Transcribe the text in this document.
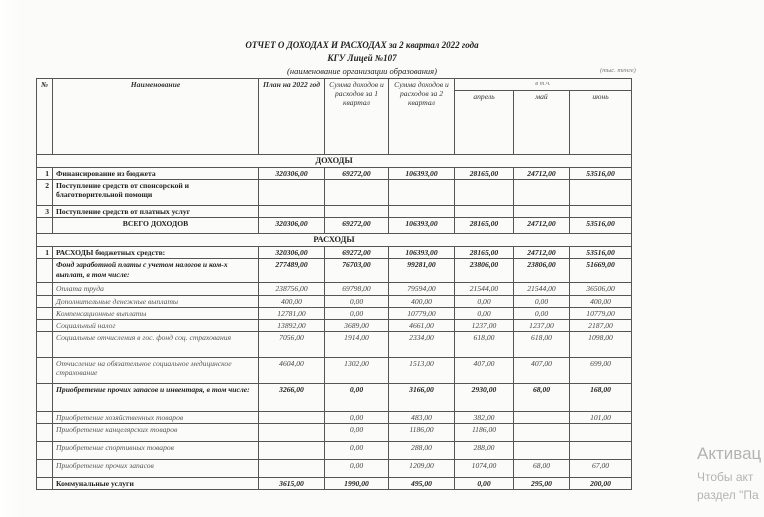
ОТЧЕТ О ДОХОДАХ И РАСХОДАХ за 2 квартал 2022 года
КГУ Лицей №107
(наименование организации образования)	(тыс. тенге)
№	Наименование	План на 2022 год	Сумма доходов и расходов за 1 квартал	Сумма доходов и расходов за 2 квартал	в т.ч.		
					апрель	май	июнь
ДОХОДЫ							
1	Финансирование из бюджета	320306,00	69272,00	106393,00	28165,00	24712,00	53516,00
2	Поступление средств от спонсорской и благотворительной помощи						
3	Поступление средств от платных услуг						
	ВСЕГО ДОХОДОВ	320306,00	69272,00	106393,00	28165,00	24712,00	53516,00
РАСХОДЫ							
1	РАСХОДЫ бюджетных средств:	320306,00	69272,00	106393,00	28165,00	24712,00	53516,00
	Фонд заработной платы с учетом налогов и ком-х выплат, в том числе:	277489,00	76703,00	99281,00	23806,00	23806,00	51669,00
	Оплата труда	238756,00	69798,00	79594,00	21544,00	21544,00	36506,00
	Дополнительные денежные выплаты	400,00	0,00	400,00	0,00	0,00	400,00
	Компенсационные выплаты	12781,00	0,00	10779,00	0,00	0,00	10779,00
	Социальный налог	13892,00	3689,00	4661,00	1237,00	1237,00	2187,00
	Социальные отчисления в гос. фонд соц. страхования	7056,00	1914,00	2334,00	618,00	618,00	1098,00
	Отчисление на обязательное социальное медицинское страхование	4604,00	1302,00	1513,00	407,00	407,00	699,00
	Приобретение прочих запасов и инвентаря, в том числе:	3266,00	0,00	3166,00	2930,00	68,00	168,00
	Приобретение хозяйственных товаров		0,00	483,00	382,00		101,00
	Приобретение канцелярских товаров		0,00	1186,00	1186,00		
	Приобретение спортивных товаров		0,00	288,00	288,00		
	Приобретение прочих запасов		0,00	1209,00	1074,00	68,00	67,00
	Коммунальные услуги	3615,00	1990,00	495,00	0,00	295,00	200,00
Активац
Чтобы акт
раздел "Па
